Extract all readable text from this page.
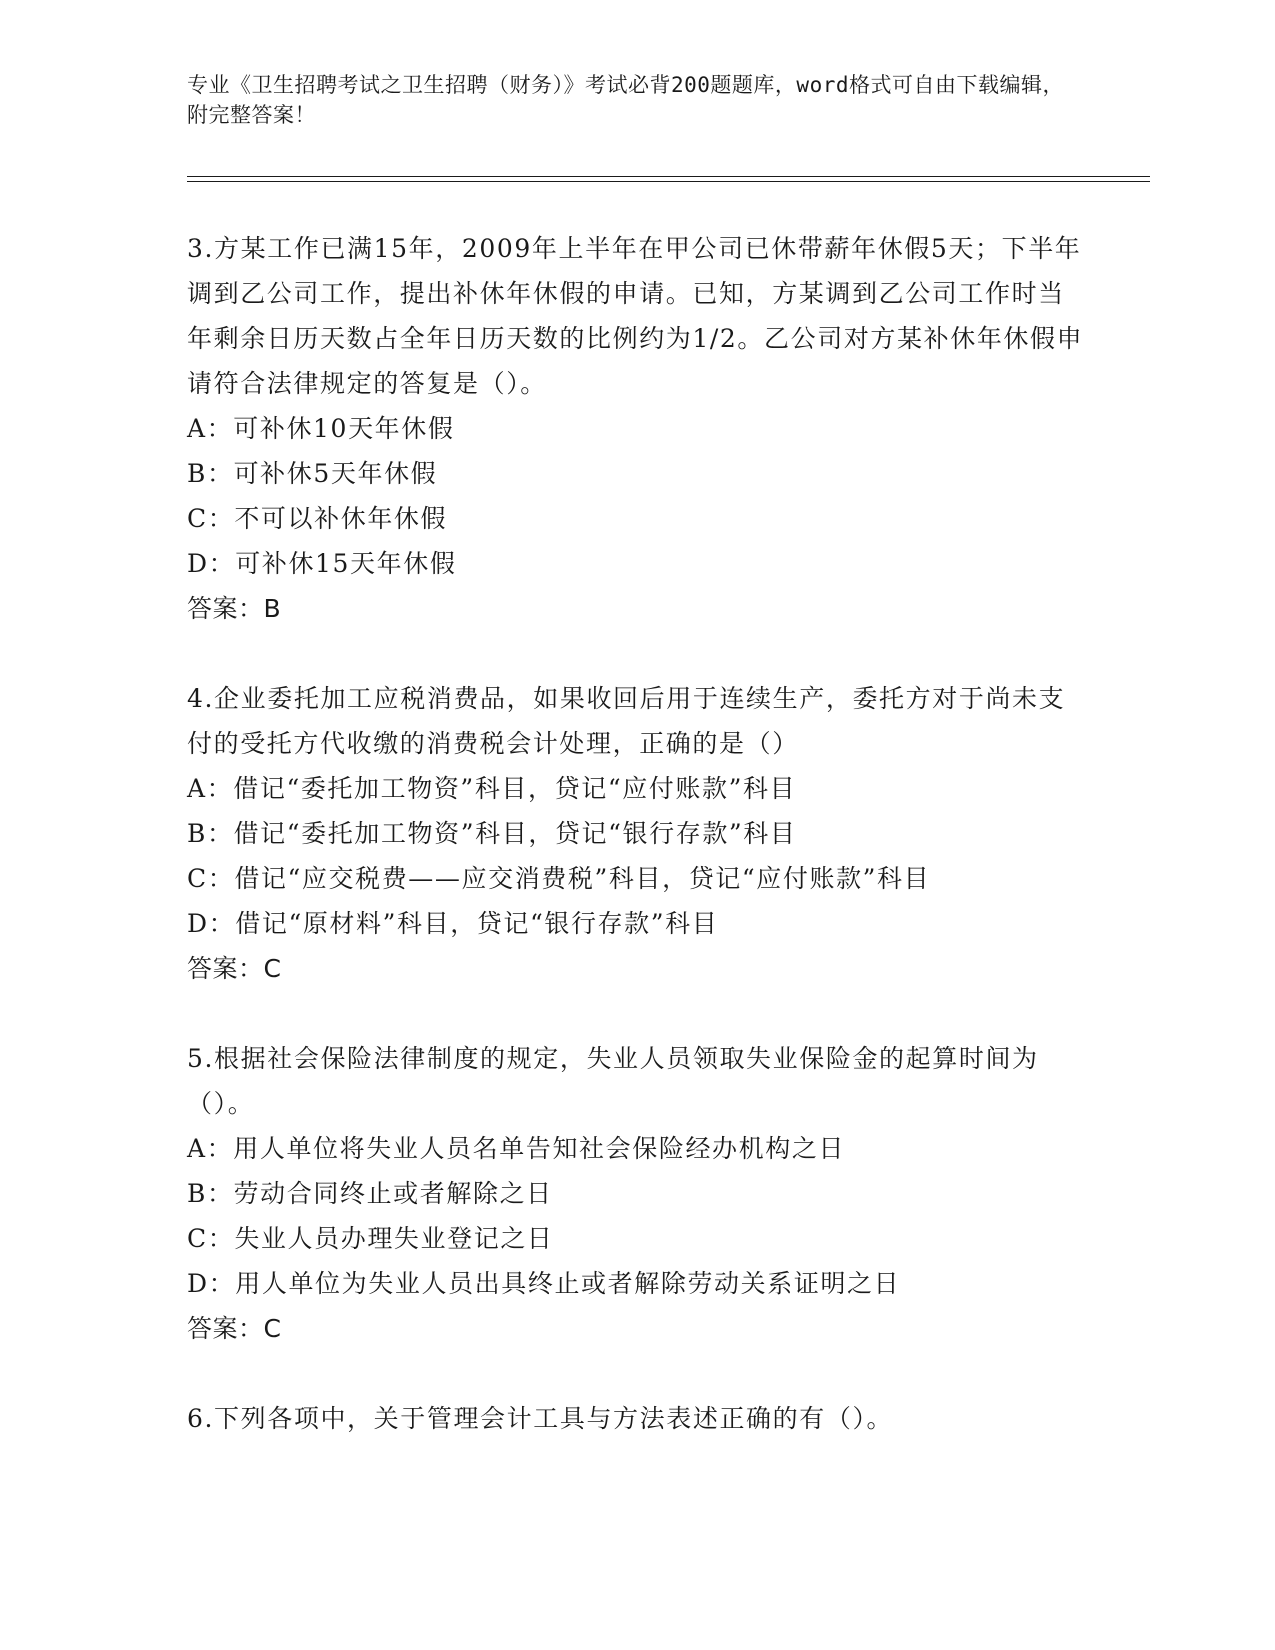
专业《卫生招聘考试之卫生招聘（财务）》考试必背200题题库，word格式可自由下载编辑，附完整答案！

3.方某工作已满15年，2009年上半年在甲公司已休带薪年休假5天；下半年调到乙公司工作，提出补休年休假的申请。已知，方某调到乙公司工作时当年剩余日历天数占全年日历天数的比例约为1/2。乙公司对方某补休年休假申请符合法律规定的答复是（）。

A：可补休10天年休假

B：可补休5天年休假

C：不可以补休年休假

D：可补休15天年休假

答案：B

4.企业委托加工应税消费品，如果收回后用于连续生产，委托方对于尚未支付的受托方代收缴的消费税会计处理，正确的是（）

A：借记“委托加工物资”科目，贷记“应付账款”科目

B：借记“委托加工物资”科目，贷记“银行存款”科目

C：借记“应交税费——应交消费税”科目，贷记“应付账款”科目

D：借记“原材料”科目，贷记“银行存款”科目

答案：C

5.根据社会保险法律制度的规定，失业人员领取失业保险金的起算时间为（）。

A：用人单位将失业人员名单告知社会保险经办机构之日

B：劳动合同终止或者解除之日

C：失业人员办理失业登记之日

D：用人单位为失业人员出具终止或者解除劳动关系证明之日

答案：C

6.下列各项中，关于管理会计工具与方法表述正确的有（）。
